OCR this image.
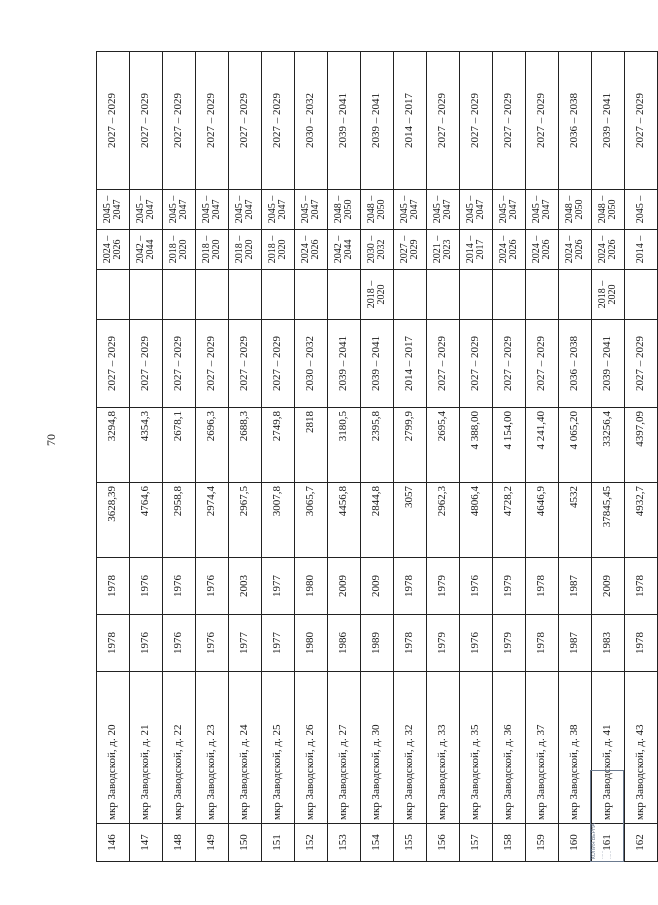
70
146	мкр Заводской, д. 20	1978	1978	3628,39	3294,8	2027 – 2029		2024 – 2026	2045 – 2047	2027 – 2029
147	мкр Заводской, д. 21	1976	1976	4764,6	4354,3	2027 – 2029		2042 – 2044	2045 – 2047	2027 – 2029
148	мкр Заводской, д. 22	1976	1976	2958,8	2678,1	2027 – 2029		2018 – 2020	2045 – 2047	2027 – 2029
149	мкр Заводской, д. 23	1976	1976	2974,4	2696,3	2027 – 2029		2018 – 2020	2045 – 2047	2027 – 2029
150	мкр Заводской, д. 24	1977	2003	2967,5	2688,3	2027 – 2029		2018 – 2020	2045 – 2047	2027 – 2029
151	мкр Заводской, д. 25	1977	1977	3007,8	2749,8	2027 – 2029		2018 – 2020	2045 – 2047	2027 – 2029
152	мкр Заводской, д. 26	1980	1980	3065,7	2818	2030 – 2032		2024 – 2026	2045 – 2047	2030 – 2032
153	мкр Заводской, д. 27	1986	2009	4456,8	3180,5	2039 – 2041		2042 – 2044	2048 – 2050	2039 – 2041
154	мкр Заводской, д. 30	1989	2009	2844,8	2395,8	2039 – 2041	2018 – 2020	2030 – 2032	2048 – 2050	2039 – 2041
155	мкр Заводской, д. 32	1978	1978	3057	2799,9	2014 – 2017		2027 – 2029	2045 – 2047	2014 – 2017
156	мкр Заводской, д. 33	1979	1979	2962,3	2695,4	2027 – 2029		2021 – 2023	2045 – 2047	2027 – 2029
157	мкр Заводской, д. 35	1976	1976	4806,4	4 388,00	2027 – 2029		2014 – 2017	2045 – 2047	2027 – 2029
158	мкр Заводской, д. 36	1979	1979	4728,2	4 154,00	2027 – 2029		2024 – 2026	2045 – 2047	2027 – 2029
159	мкр Заводской, д. 37	1978	1978	4646,9	4 241,40	2027 – 2029		2024 – 2026	2045 – 2047	2027 – 2029
160	мкр Заводской, д. 38	1987	1987	4532	4 065,20	2036 – 2038		2024 – 2026	2048 – 2050	2036 – 2038
161	мкр Заводской, д. 41	1983	2009	37845,45	33256,4	2039 – 2041	2018 – 2020	2024 – 2026	2048 – 2050	2039 – 2041
162	мкр Заводской, д. 43	1978	1978	4932,7	4397,09	2027 – 2029		2014 –	2045 –	2027 – 2029
КОПИЯ ВЕРНА ...... ......
